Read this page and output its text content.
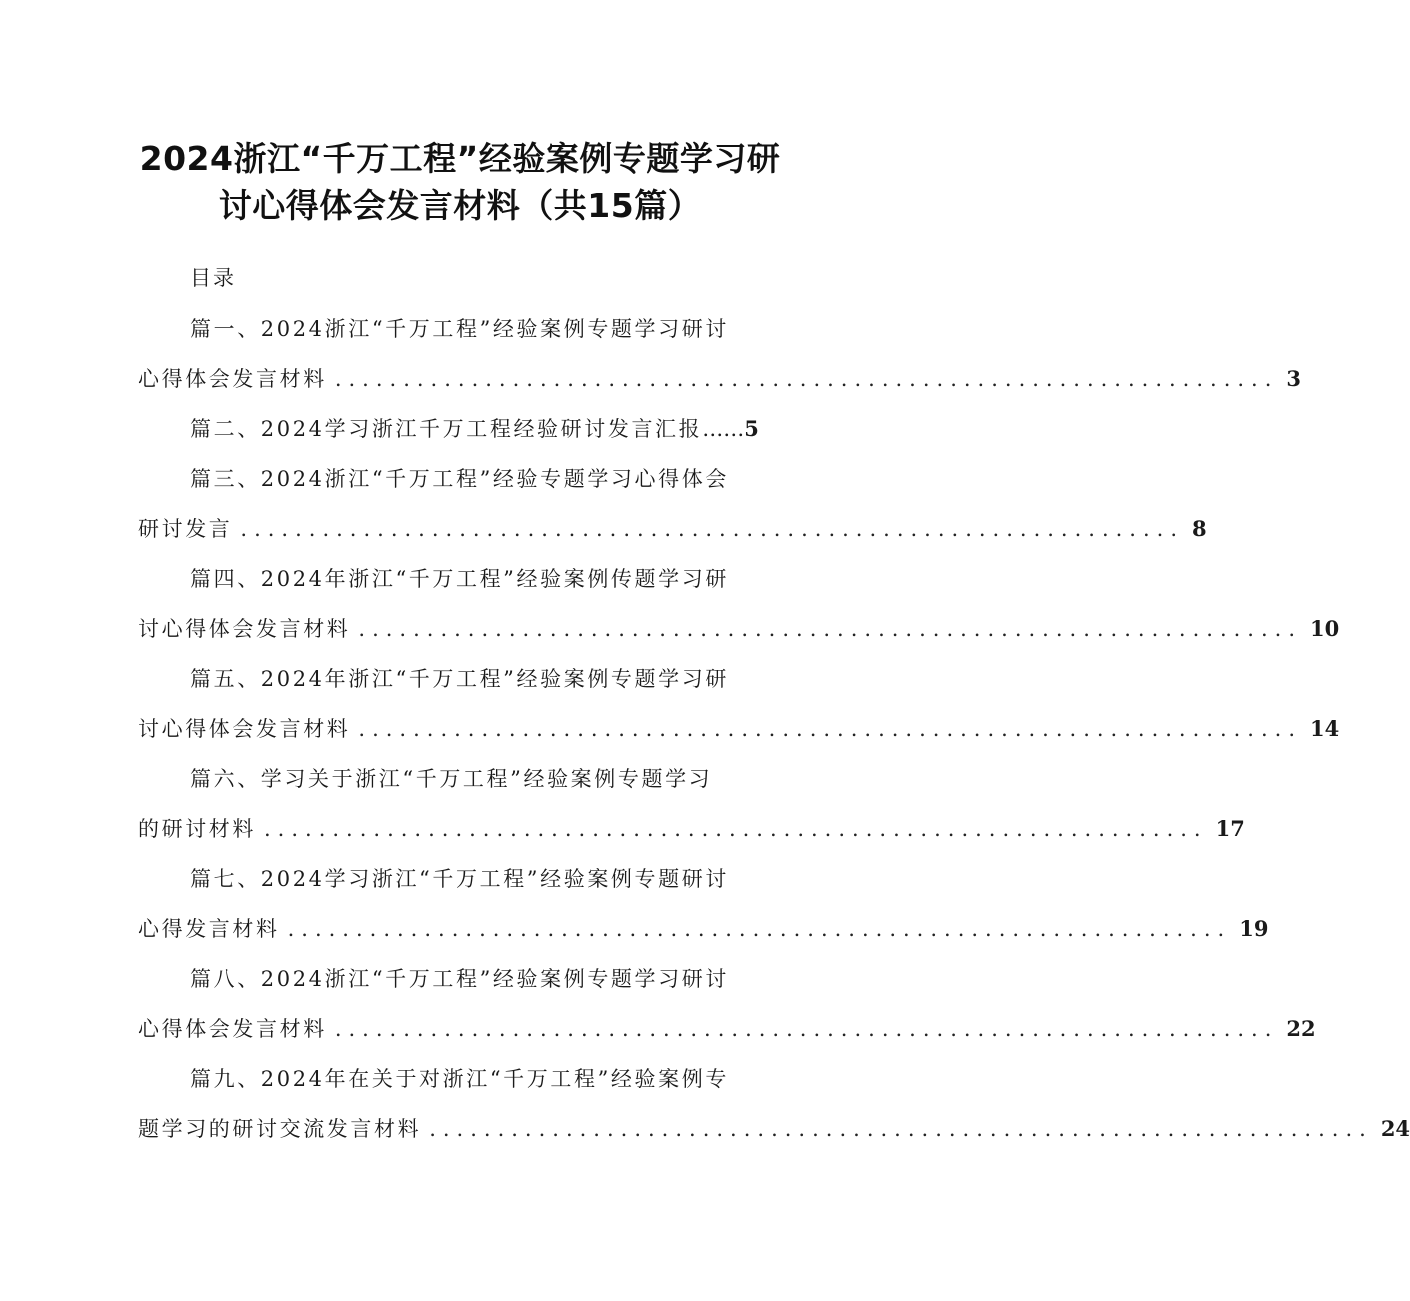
2024浙江“千万工程”经验案例专题学习研
讨心得体会发言材料（共15篇）
目录
篇一、2024浙江“千万工程”经验案例专题学习研讨
心得体会发言材料 ..................................................................... 3
篇二、2024学习浙江千万工程经验研讨发言汇报 …… 5
篇三、2024浙江“千万工程”经验专题学习心得体会
研讨发言 ..................................................................... 8
篇四、2024年浙江“千万工程”经验案例传题学习研
讨心得体会发言材料 ..................................................................... 10
篇五、2024年浙江“千万工程”经验案例专题学习研
讨心得体会发言材料 ..................................................................... 14
篇六、学习关于浙江“千万工程”经验案例专题学习
的研讨材料 ..................................................................... 17
篇七、2024学习浙江“千万工程”经验案例专题研讨
心得发言材料 ..................................................................... 19
篇八、2024浙江“千万工程”经验案例专题学习研讨
心得体会发言材料 ..................................................................... 22
篇九、2024年在关于对浙江“千万工程”经验案例专
题学习的研讨交流发言材料 ..................................................................... 24
